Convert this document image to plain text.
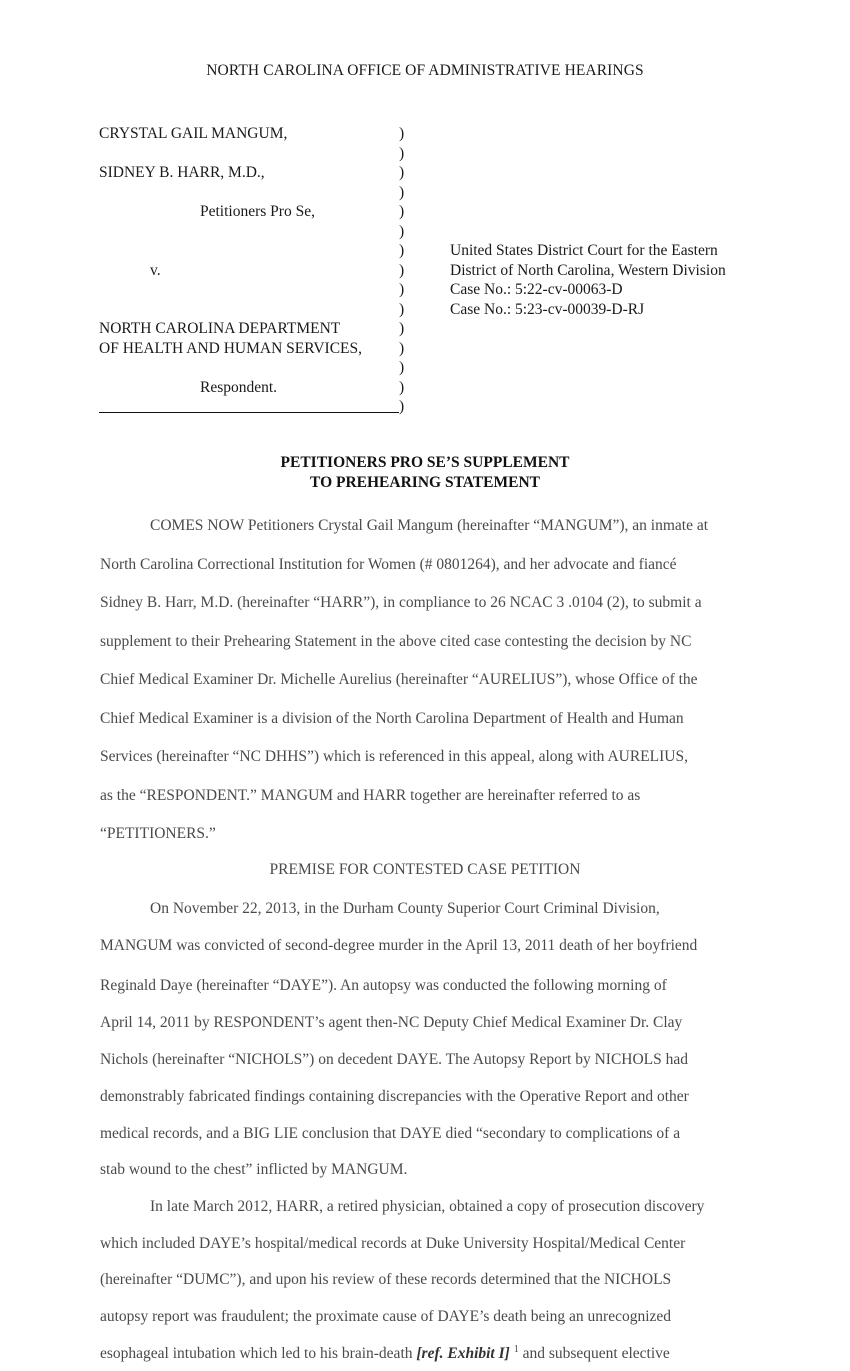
NORTH CAROLINA OFFICE OF ADMINISTRATIVE HEARINGS
CRYSTAL GAIL MANGUM,
SIDNEY B. HARR, M.D.,
Petitioners Pro Se,
v.
NORTH CAROLINA DEPARTMENT
OF HEALTH AND HUMAN SERVICES,
Respondent.
)
)
)
)
)
)
)
)
)
)
)
)
)
)
)
United States District Court for the Eastern
District of North Carolina, Western Division
Case No.: 5:22-cv-00063-D
Case No.: 5:23-cv-00039-D-RJ
PETITIONERS PRO SE’S SUPPLEMENT
TO PREHEARING STATEMENT
COMES NOW Petitioners Crystal Gail Mangum (hereinafter “MANGUM”), an inmate at
North Carolina Correctional Institution for Women (# 0801264), and her advocate and fiancé
Sidney B. Harr, M.D. (hereinafter “HARR”), in compliance to 26 NCAC 3 .0104 (2), to submit a
supplement to their Prehearing Statement in the above cited case contesting the decision by NC
Chief Medical Examiner Dr. Michelle Aurelius (hereinafter “AURELIUS”), whose Office of the
Chief Medical Examiner is a division of the North Carolina Department of Health and Human
Services (hereinafter “NC DHHS”) which is referenced in this appeal, along with AURELIUS,
as the “RESPONDENT.” MANGUM and HARR together are hereinafter referred to as
“PETITIONERS.”
PREMISE FOR CONTESTED CASE PETITION
On November 22, 2013, in the Durham County Superior Court Criminal Division,
MANGUM was convicted of second-degree murder in the April 13, 2011 death of her boyfriend
Reginald Daye (hereinafter “DAYE”). An autopsy was conducted the following morning of
April 14, 2011 by RESPONDENT’s agent then-NC Deputy Chief Medical Examiner Dr. Clay
Nichols (hereinafter “NICHOLS”) on decedent DAYE. The Autopsy Report by NICHOLS had
demonstrably fabricated findings containing discrepancies with the Operative Report and other
medical records, and a BIG LIE conclusion that DAYE died “secondary to complications of a
stab wound to the chest” inflicted by MANGUM.
In late March 2012, HARR, a retired physician, obtained a copy of prosecution discovery
which included DAYE’s hospital/medical records at Duke University Hospital/Medical Center
(hereinafter “DUMC”), and upon his review of these records determined that the NICHOLS
autopsy report was fraudulent; the proximate cause of DAYE’s death being an unrecognized
esophageal intubation which led to his brain-death [ref. Exhibit I] $^1$ and subsequent elective
